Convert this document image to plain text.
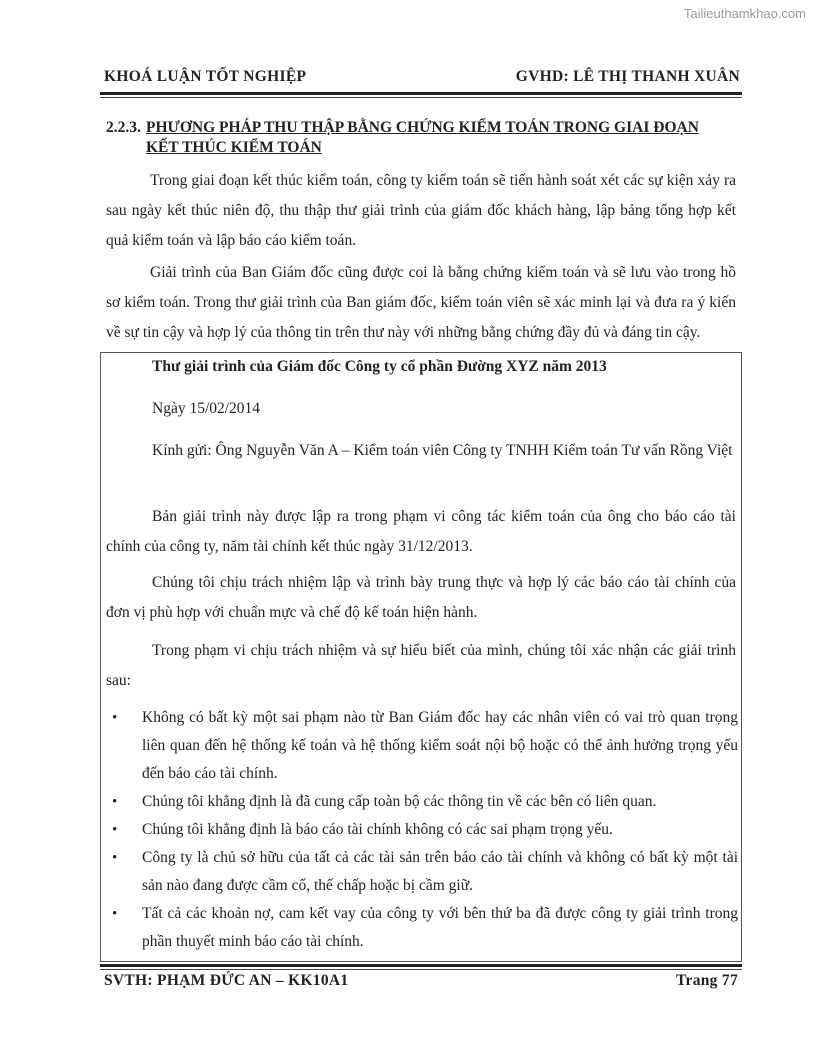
Tailieuthamkhao.com
KHOÁ LUẬN TỐT NGHIỆP	GVHD: LÊ THỊ THANH XUÂN
2.2.3. PHƯƠNG PHÁP THU THẬP BẰNG CHỨNG KIỂM TOÁN TRONG GIAI ĐOẠN
KẾT THÚC KIỂM TOÁN
Trong giai đoạn kết thúc kiểm toán, công ty kiểm toán sẽ tiến hành soát xét các sự kiện xảy ra sau ngày kết thúc niên độ, thu thập thư giải trình của giám đốc khách hàng, lập bảng tổng hợp kết quả kiểm toán và lập báo cáo kiểm toán.
Giải trình của Ban Giám đốc cũng được coi là bằng chứng kiểm toán và sẽ lưu vào trong hồ sơ kiểm toán. Trong thư giải trình của Ban giám đốc, kiểm toán viên sẽ xác minh lại và đưa ra ý kiến về sự tin cậy và hợp lý của thông tin trên thư này với những bằng chứng đầy đủ và đáng tin cậy.
Thư giải trình của Giám đốc Công ty cổ phần Đường XYZ năm 2013
Ngày 15/02/2014
Kính gửi: Ông Nguyễn Văn A – Kiểm toán viên Công ty TNHH Kiểm toán Tư vấn Rồng Việt
Bản giải trình này được lập ra trong phạm vi công tác kiểm toán của ông cho báo cáo tài chính của công ty, năm tài chính kết thúc ngày 31/12/2013.
Chúng tôi chịu trách nhiệm lập và trình bày trung thực và hợp lý các báo cáo tài chính của đơn vị phù hợp với chuẩn mực và chế độ kế toán hiện hành.
Trong phạm vi chịu trách nhiệm và sự hiểu biết của mình, chúng tôi xác nhận các giải trình sau:
• Không có bất kỳ một sai phạm nào từ Ban Giám đốc hay các nhân viên có vai trò quan trọng liên quan đến hệ thống kế toán và hệ thống kiểm soát nội bộ hoặc có thể ảnh hưởng trọng yếu đến báo cáo tài chính.
• Chúng tôi khẳng định là đã cung cấp toàn bộ các thông tin về các bên có liên quan.
• Chúng tôi khẳng định là báo cáo tài chính không có các sai phạm trọng yếu.
• Công ty là chủ sở hữu của tất cả các tài sản trên báo cáo tài chính và không có bất kỳ một tài sản nào đang được cầm cố, thế chấp hoặc bị cầm giữ.
• Tất cả các khoản nợ, cam kết vay của công ty với bên thứ ba đã được công ty giải trình trong phần thuyết minh báo cáo tài chính.
SVTH: PHẠM ĐỨC AN – KK10A1	Trang 77
